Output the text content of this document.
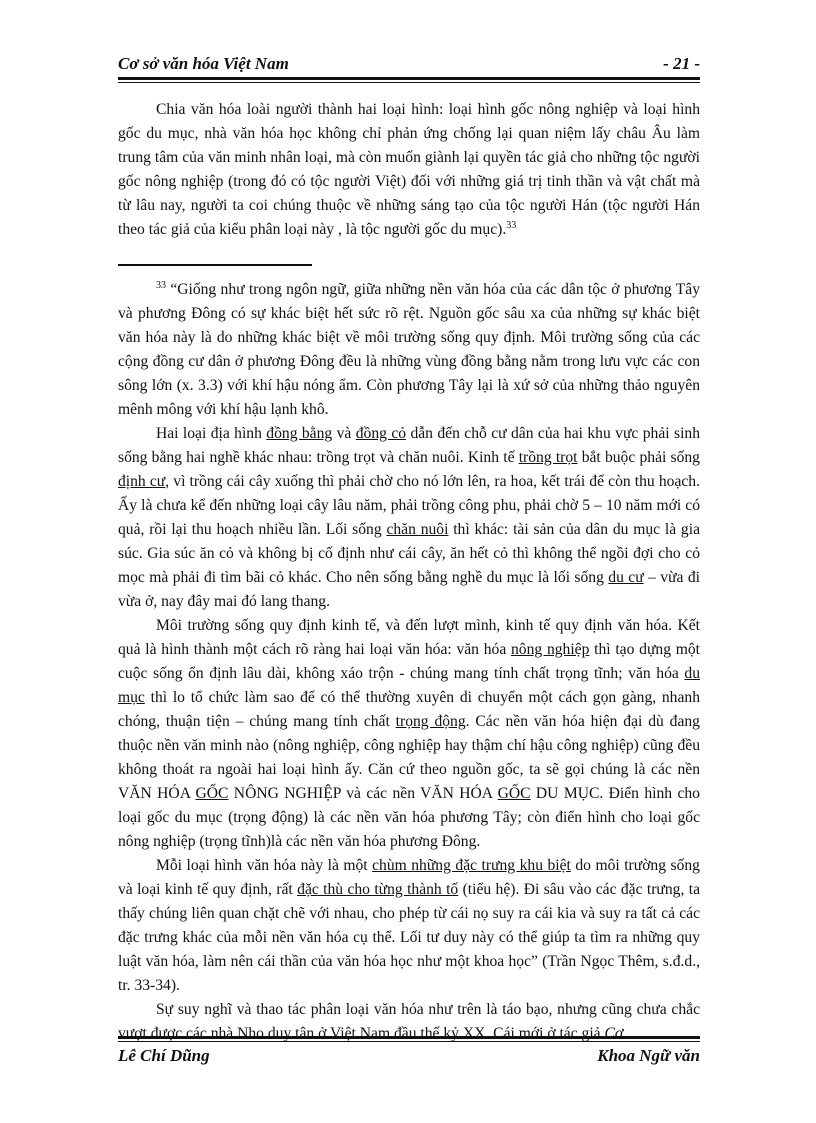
Cơ sở văn hóa Việt Nam	- 21 -

Chia văn hóa loài người thành hai loại hình: loại hình gốc nông nghiệp và loại hình gốc du mục, nhà văn hóa học không chỉ phản ứng chống lại quan niệm lấy châu Âu làm trung tâm của văn minh nhân loại, mà còn muốn giành lại quyền tác giả cho những tộc người gốc nông nghiệp (trong đó có tộc người Việt) đối với những giá trị tinh thần và vật chất mà từ lâu nay, người ta coi chúng thuộc về những sáng tạo của tộc người Hán (tộc người Hán theo tác giả của kiểu phân loại này , là tộc người gốc du mục).$^{33}$

$^{33}$ “Giống như trong ngôn ngữ, giữa những nền văn hóa của các dân tộc ở phương Tây và phương Đông có sự khác biệt hết sức rõ rệt. Nguồn gốc sâu xa của những sự khác biệt văn hóa này là do những khác biệt về môi trường sống quy định. Môi trường sống của các cộng đồng cư dân ở phương Đông đều là những vùng đồng bằng nằm trong lưu vực các con sông lớn (x. 3.3) với khí hậu nóng ẩm. Còn phương Tây lại là xứ sở của những thảo nguyên mênh mông với khí hậu lạnh khô.

Hai loại địa hình đồng bằng và đồng cỏ dẫn đến chỗ cư dân của hai khu vực phải sinh sống bằng hai nghề khác nhau: trồng trọt và chăn nuôi. Kinh tế trồng trọt bắt buộc phải sống định cư, vì trồng cái cây xuống thì phải chờ cho nó lớn lên, ra hoa, kết trái để còn thu hoạch. Ấy là chưa kể đến những loại cây lâu năm, phải trồng công phu, phải chờ 5 – 10 năm mới có quả, rồi lại thu hoạch nhiều lần. Lối sống chăn nuôi thì khác: tài sản của dân du mục là gia súc. Gia súc ăn cỏ và không bị cố định như cái cây, ăn hết cỏ thì không thể ngồi đợi cho cỏ mọc mà phải đi tìm bãi cỏ khác. Cho nên sống bằng nghề du mục là lối sống du cư – vừa đi vừa ở, nay đây mai đó lang thang.

Môi trường sống quy định kinh tế, và đến lượt mình, kinh tế quy định văn hóa. Kết quả là hình thành một cách rõ ràng hai loại văn hóa: văn hóa nông nghiệp thì tạo dựng một cuộc sống ổn định lâu dài, không xáo trộn - chúng mang tính chất trọng tĩnh; văn hóa du mục thì lo tổ chức làm sao để có thể thường xuyên di chuyển một cách gọn gàng, nhanh chóng, thuận tiện – chúng mang tính chất trọng động. Các nền văn hóa hiện đại dù đang thuộc nền văn minh nào (nông nghiệp, công nghiệp hay thậm chí hậu công nghiệp) cũng đều không thoát ra ngoài hai loại hình ấy. Căn cứ theo nguồn gốc, ta sẽ gọi chúng là các nền VĂN HÓA GỐC NÔNG NGHIỆP và các nền VĂN HÓA GỐC DU MỤC. Điển hình cho loại gốc du mục (trọng động) là các nền văn hóa phương Tây; còn điển hình cho loại gốc nông nghiệp (trọng tĩnh)là các nền văn hóa phương Đông.

Mỗi loại hình văn hóa này là một chùm những đặc trưng khu biệt do môi trường sống và loại kinh tế quy định, rất đặc thù cho từng thành tố (tiểu hệ). Đi sâu vào các đặc trưng, ta thấy chúng liên quan chặt chẽ với nhau, cho phép từ cái nọ suy ra cái kia và suy ra tất cả các đặc trưng khác của mỗi nền văn hóa cụ thể. Lối tư duy này có thể giúp ta tìm ra những quy luật văn hóa, làm nên cái thần của văn hóa học như một khoa học” (Trần Ngọc Thêm, s.đ.d., tr. 33-34).

Sự suy nghĩ và thao tác phân loại văn hóa như trên là táo bạo, nhưng cũng chưa chắc vượt được các nhà Nho duy tân ở Việt Nam đầu thế kỷ XX. Cái mới ở tác giả Cơ

Lê Chí Dũng	Khoa Ngữ văn
